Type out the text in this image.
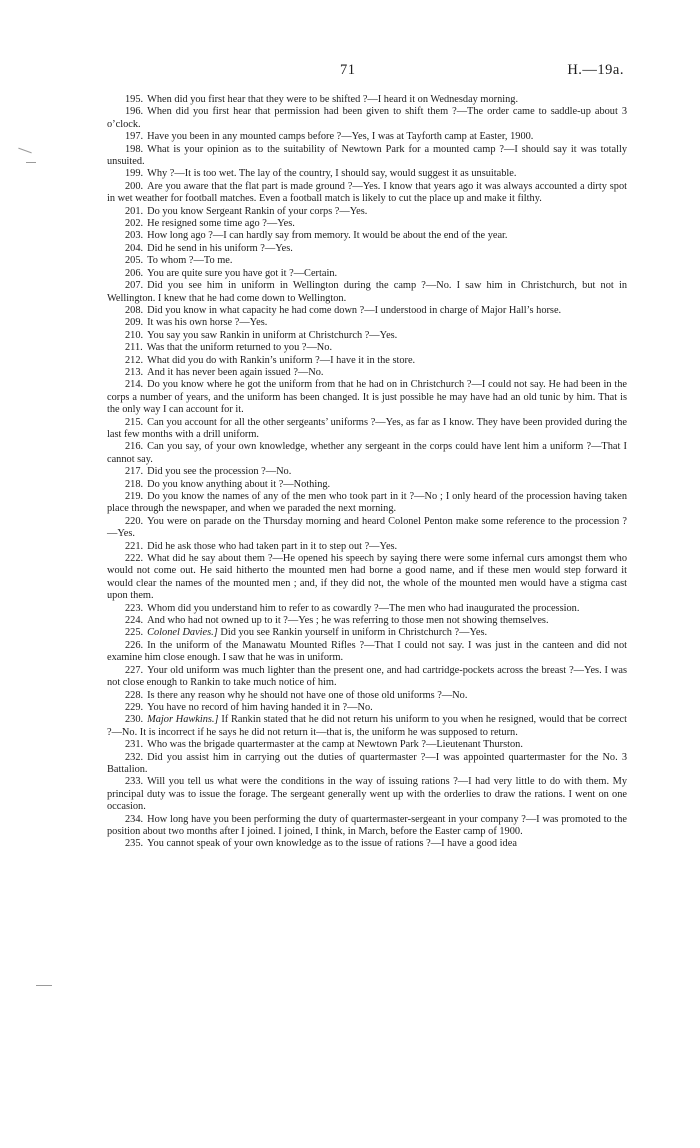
71	H.—19a.

195. When did you first hear that they were to be shifted ?—I heard it on Wednesday morning.

196. When did you first hear that permission had been given to shift them ?—The order came to saddle-up about 3 o’clock.

197. Have you been in any mounted camps before ?—Yes, I was at Tayforth camp at Easter, 1900.

198. What is your opinion as to the suitability of Newtown Park for a mounted camp ?—I should say it was totally unsuited.

199. Why ?—It is too wet. The lay of the country, I should say, would suggest it as unsuitable.

200. Are you aware that the flat part is made ground ?—Yes. I know that years ago it was always accounted a dirty spot in wet weather for football matches. Even a football match is likely to cut the place up and make it filthy.

201. Do you know Sergeant Rankin of your corps ?—Yes.

202. He resigned some time ago ?—Yes.

203. How long ago ?—I can hardly say from memory. It would be about the end of the year.

204. Did he send in his uniform ?—Yes.

205. To whom ?—To me.

206. You are quite sure you have got it ?—Certain.

207. Did you see him in uniform in Wellington during the camp ?—No. I saw him in Christchurch, but not in Wellington. I knew that he had come down to Wellington.

208. Did you know in what capacity he had come down ?—I understood in charge of Major Hall’s horse.

209. It was his own horse ?—Yes.

210. You say you saw Rankin in uniform at Christchurch ?—Yes.

211. Was that the uniform returned to you ?—No.

212. What did you do with Rankin’s uniform ?—I have it in the store.

213. And it has never been again issued ?—No.

214. Do you know where he got the uniform from that he had on in Christchurch ?—I could not say. He had been in the corps a number of years, and the uniform has been changed. It is just possible he may have had an old tunic by him. That is the only way I can account for it.

215. Can you account for all the other sergeants’ uniforms ?—Yes, as far as I know. They have been provided during the last few months with a drill uniform.

216. Can you say, of your own knowledge, whether any sergeant in the corps could have lent him a uniform ?—That I cannot say.

217. Did you see the procession ?—No.

218. Do you know anything about it ?—Nothing.

219. Do you know the names of any of the men who took part in it ?—No ; I only heard of the procession having taken place through the newspaper, and when we paraded the next morning.

220. You were on parade on the Thursday morning and heard Colonel Penton make some reference to the procession ?—Yes.

221. Did he ask those who had taken part in it to step out ?—Yes.

222. What did he say about them ?—He opened his speech by saying there were some infernal curs amongst them who would not come out. He said hitherto the mounted men had borne a good name, and if these men would step forward it would clear the names of the mounted men ; and, if they did not, the whole of the mounted men would have a stigma cast upon them.

223. Whom did you understand him to refer to as cowardly ?—The men who had inaugurated the procession.

224. And who had not owned up to it ?—Yes ; he was referring to those men not showing themselves.

225. Colonel Davies.] Did you see Rankin yourself in uniform in Christchurch ?—Yes.

226. In the uniform of the Manawatu Mounted Rifles ?—That I could not say. I was just in the canteen and did not examine him close enough. I saw that he was in uniform.

227. Your old uniform was much lighter than the present one, and had cartridge-pockets across the breast ?—Yes. I was not close enough to Rankin to take much notice of him.

228. Is there any reason why he should not have one of those old uniforms ?—No.

229. You have no record of him having handed it in ?—No.

230. Major Hawkins.] If Rankin stated that he did not return his uniform to you when he resigned, would that be correct ?—No. It is incorrect if he says he did not return it—that is, the uniform he was supposed to return.

231. Who was the brigade quartermaster at the camp at Newtown Park ?—Lieutenant Thurston.

232. Did you assist him in carrying out the duties of quartermaster ?—I was appointed quartermaster for the No. 3 Battalion.

233. Will you tell us what were the conditions in the way of issuing rations ?—I had very little to do with them. My principal duty was to issue the forage. The sergeant generally went up with the orderlies to draw the rations. I went on one occasion.

234. How long have you been performing the duty of quartermaster-sergeant in your company ?—I was promoted to the position about two months after I joined. I joined, I think, in March, before the Easter camp of 1900.

235. You cannot speak of your own knowledge as to the issue of rations ?—I have a good idea
